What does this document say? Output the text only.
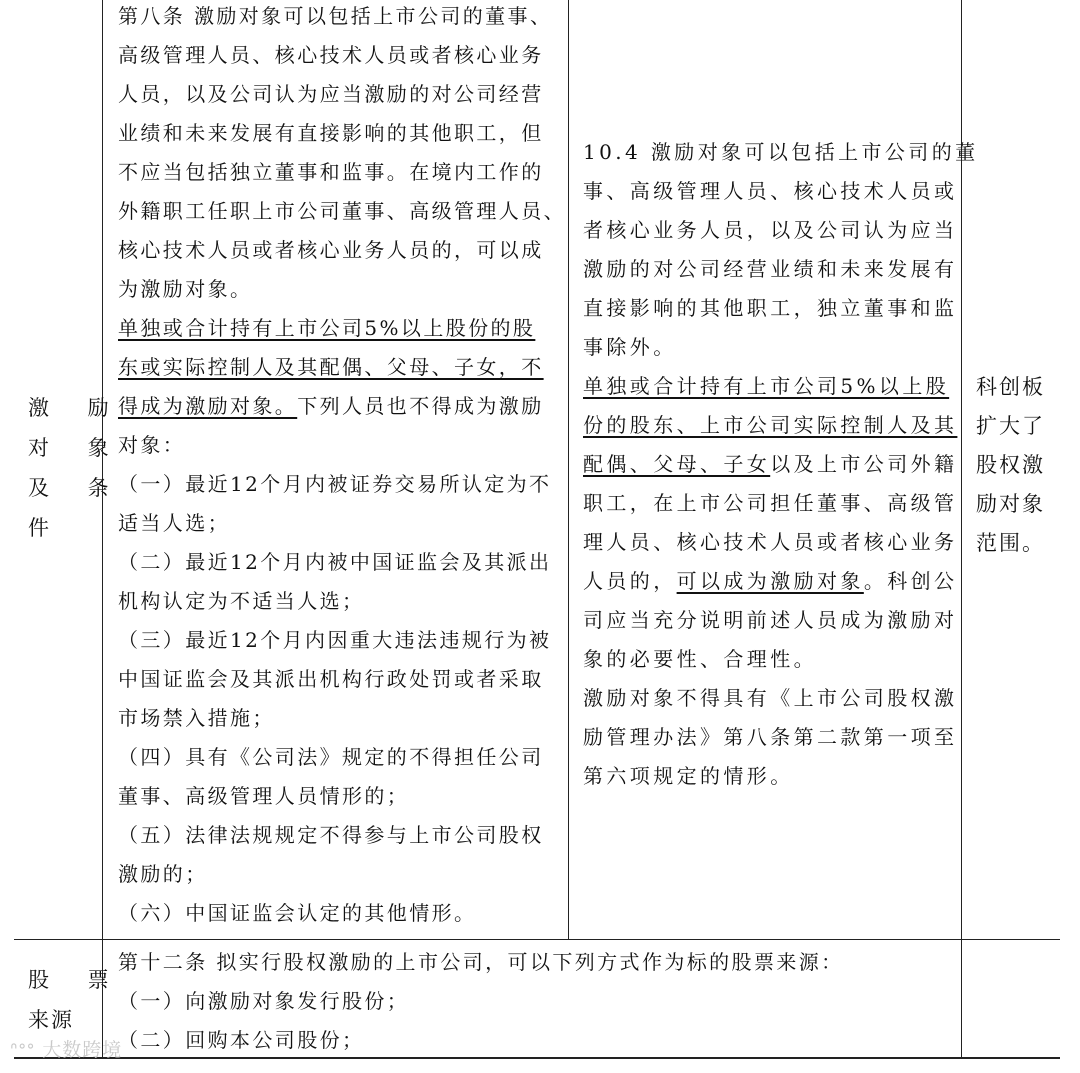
激 励
对 象
及 条
件
第八条 激励对象可以包括上市公司的董事、
高级管理人员、核心技术人员或者核心业务
人员，以及公司认为应当激励的对公司经营
业绩和未来发展有直接影响的其他职工，但
不应当包括独立董事和监事。在境内工作的
外籍职工任职上市公司董事、高级管理人员、
核心技术人员或者核心业务人员的，可以成
为激励对象。
单独或合计持有上市公司5%以上股份的股
东或实际控制人及其配偶、父母、子女，不
得成为激励对象。下列人员也不得成为激励
对象：
（一）最近12个月内被证券交易所认定为不
适当人选；
（二）最近12个月内被中国证监会及其派出
机构认定为不适当人选；
（三）最近12个月内因重大违法违规行为被
中国证监会及其派出机构行政处罚或者采取
市场禁入措施；
（四）具有《公司法》规定的不得担任公司
董事、高级管理人员情形的；
（五）法律法规规定不得参与上市公司股权
激励的；
（六）中国证监会认定的其他情形。
10.4 激励对象可以包括上市公司的董
事、高级管理人员、核心技术人员或
者核心业务人员，以及公司认为应当
激励的对公司经营业绩和未来发展有
直接影响的其他职工，独立董事和监
事除外。
单独或合计持有上市公司5%以上股
份的股东、上市公司实际控制人及其
配偶、父母、子女以及上市公司外籍
职工，在上市公司担任董事、高级管
理人员、核心技术人员或者核心业务
人员的，可以成为激励对象。科创公
司应当充分说明前述人员成为激励对
象的必要性、合理性。
激励对象不得具有《上市公司股权激
励管理办法》第八条第二款第一项至
第六项规定的情形。
科创板
扩大了
股权激
励对象
范围。
股 票
来源
第十二条 拟实行股权激励的上市公司，可以下列方式作为标的股票来源：
（一）向激励对象发行股份；
（二）回购本公司股份；
ᐢᐤᐤ 大数跨境
